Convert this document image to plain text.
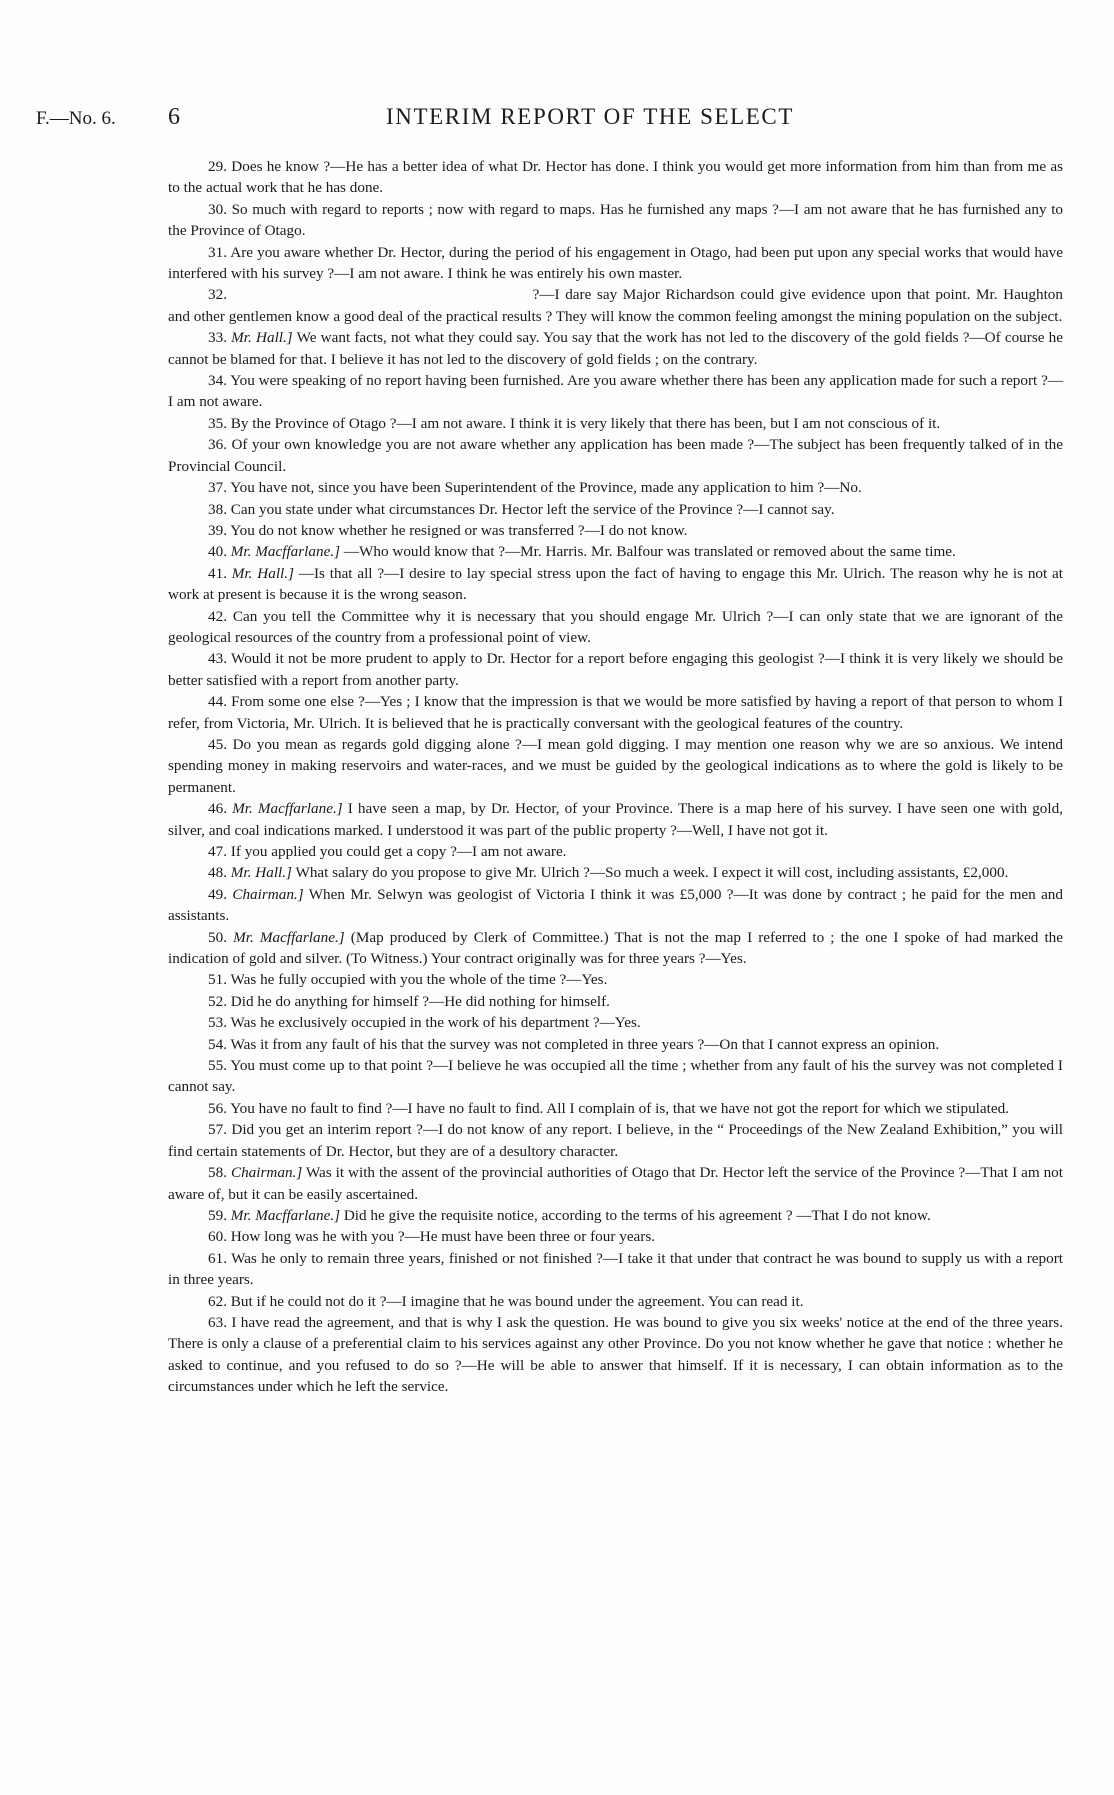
F.—No. 6. 6	INTERIM REPORT OF THE SELECT

29. Does he know ?—He has a better idea of what Dr. Hector has done. I think you would get more information from him than from me as to the actual work that he has done.

30. So much with regard to reports ; now with regard to maps. Has he furnished any maps ?—I am not aware that he has furnished any to the Province of Otago.

31. Are you aware whether Dr. Hector, during the period of his engagement in Otago, had been put upon any special works that would have interfered with his survey ?—I am not aware. I think he was entirely his own master.

32.	?—I dare say Major Richardson could give evidence upon that point. Mr. Haughton and other gentlemen know a good deal of the practical results ? They will know the common feeling amongst the mining population on the subject.

33. Mr. Hall.] We want facts, not what they could say. You say that the work has not led to the discovery of the gold fields ?—Of course he cannot be blamed for that. I believe it has not led to the discovery of gold fields ; on the contrary.

34. You were speaking of no report having been furnished. Are you aware whether there has been any application made for such a report ?—I am not aware.

35. By the Province of Otago ?—I am not aware. I think it is very likely that there has been, but I am not conscious of it.

36. Of your own knowledge you are not aware whether any application has been made ?—The subject has been frequently talked of in the Provincial Council.

37. You have not, since you have been Superintendent of the Province, made any application to him ?—No.

38. Can you state under what circumstances Dr. Hector left the service of the Province ?—I cannot say.

39. You do not know whether he resigned or was transferred ?—I do not know.

40. Mr. Macffarlane.] —Who would know that ?—Mr. Harris. Mr. Balfour was translated or removed about the same time.

41. Mr. Hall.] —Is that all ?—I desire to lay special stress upon the fact of having to engage this Mr. Ulrich. The reason why he is not at work at present is because it is the wrong season.

42. Can you tell the Committee why it is necessary that you should engage Mr. Ulrich ?—I can only state that we are ignorant of the geological resources of the country from a professional point of view.

43. Would it not be more prudent to apply to Dr. Hector for a report before engaging this geologist ?—I think it is very likely we should be better satisfied with a report from another party.

44. From some one else ?—Yes ; I know that the impression is that we would be more satisfied by having a report of that person to whom I refer, from Victoria, Mr. Ulrich. It is believed that he is practically conversant with the geological features of the country.

45. Do you mean as regards gold digging alone ?—I mean gold digging. I may mention one reason why we are so anxious. We intend spending money in making reservoirs and water-races, and we must be guided by the geological indications as to where the gold is likely to be permanent.

46. Mr. Macffarlane.] I have seen a map, by Dr. Hector, of your Province. There is a map here of his survey. I have seen one with gold, silver, and coal indications marked. I understood it was part of the public property ?—Well, I have not got it.

47. If you applied you could get a copy ?—I am not aware.

48. Mr. Hall.] What salary do you propose to give Mr. Ulrich ?—So much a week. I expect it will cost, including assistants, £2,000.

49. Chairman.] When Mr. Selwyn was geologist of Victoria I think it was £5,000 ?—It was done by contract ; he paid for the men and assistants.

50. Mr. Macffarlane.] (Map produced by Clerk of Committee.) That is not the map I referred to ; the one I spoke of had marked the indication of gold and silver. (To Witness.) Your contract originally was for three years ?—Yes.

51. Was he fully occupied with you the whole of the time ?—Yes.

52. Did he do anything for himself ?—He did nothing for himself.

53. Was he exclusively occupied in the work of his department ?—Yes.

54. Was it from any fault of his that the survey was not completed in three years ?—On that I cannot express an opinion.

55. You must come up to that point ?—I believe he was occupied all the time ; whether from any fault of his the survey was not completed I cannot say.

56. You have no fault to find ?—I have no fault to find. All I complain of is, that we have not got the report for which we stipulated.

57. Did you get an interim report ?—I do not know of any report. I believe, in the “ Proceedings of the New Zealand Exhibition,” you will find certain statements of Dr. Hector, but they are of a desultory character.

58. Chairman.] Was it with the assent of the provincial authorities of Otago that Dr. Hector left the service of the Province ?—That I am not aware of, but it can be easily ascertained.

59. Mr. Macffarlane.] Did he give the requisite notice, according to the terms of his agreement ? —That I do not know.

60. How long was he with you ?—He must have been three or four years.

61. Was he only to remain three years, finished or not finished ?—I take it that under that contract he was bound to supply us with a report in three years.

62. But if he could not do it ?—I imagine that he was bound under the agreement. You can read it.

63. I have read the agreement, and that is why I ask the question. He was bound to give you six weeks' notice at the end of the three years. There is only a clause of a preferential claim to his services against any other Province. Do you not know whether he gave that notice : whether he asked to continue, and you refused to do so ?—He will be able to answer that himself. If it is necessary, I can obtain information as to the circumstances under which he left the service.
